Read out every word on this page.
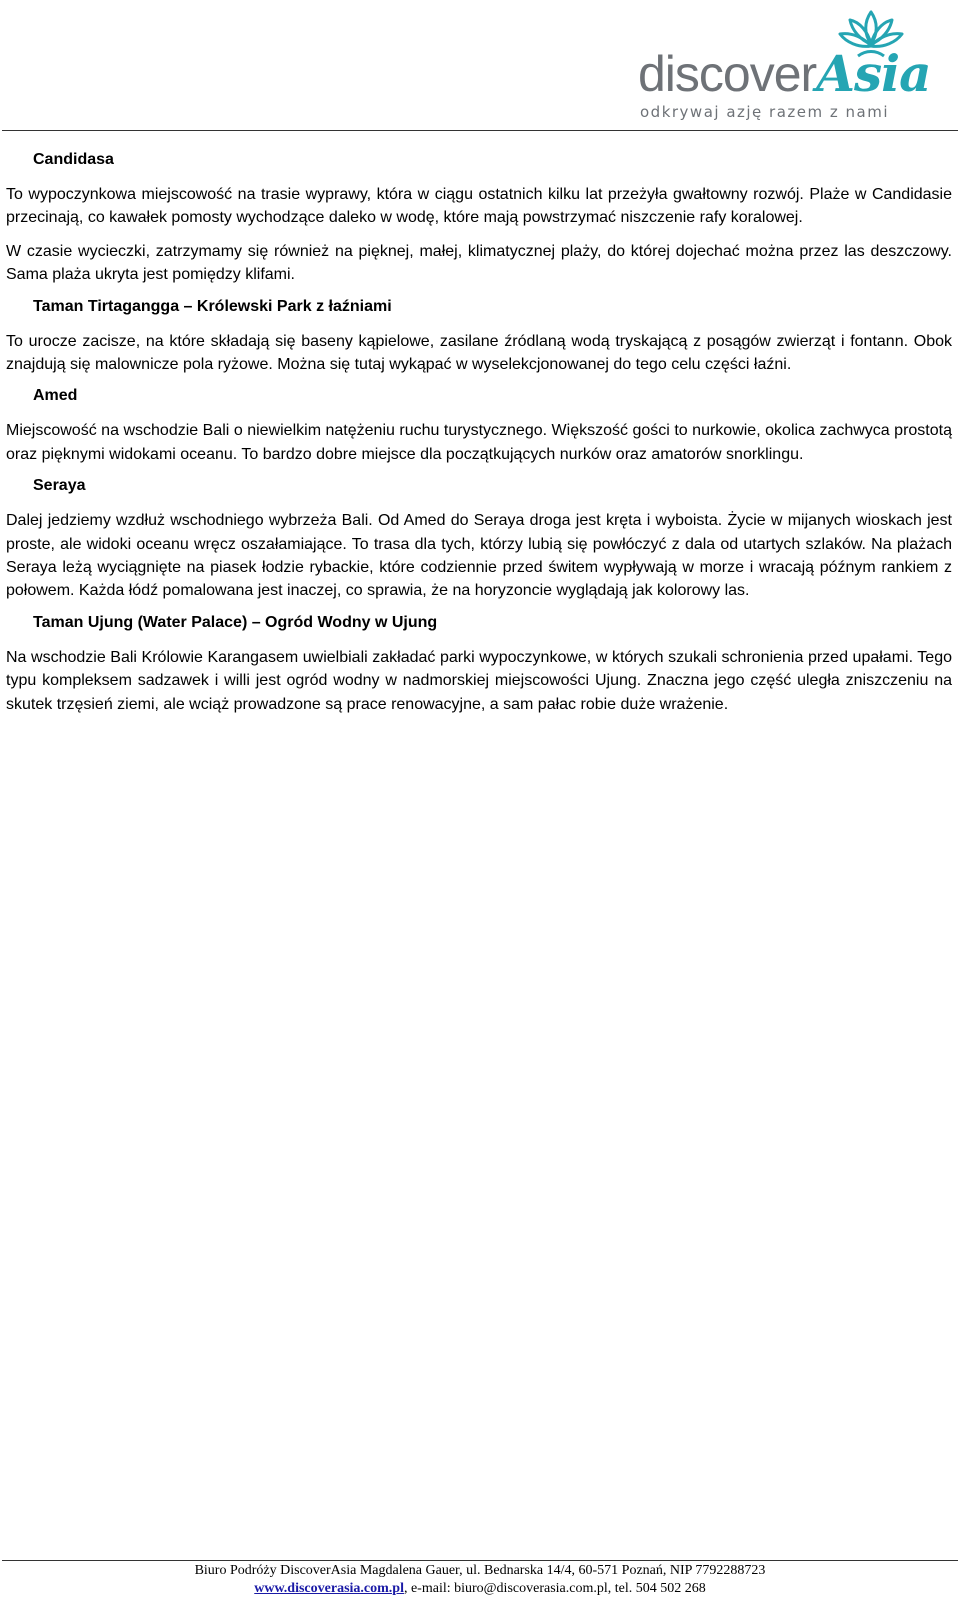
discoverAsia
odkrywaj azję razem z nami
Candidasa

To wypoczynkowa miejscowość na trasie wyprawy, która w ciągu ostatnich kilku lat przeżyła gwałtowny rozwój. Plaże w Candidasie przecinają, co kawałek pomosty wychodzące daleko w wodę, które mają powstrzymać niszczenie rafy koralowej.

W czasie wycieczki, zatrzymamy się również na pięknej, małej, klimatycznej plaży, do której dojechać można przez las deszczowy. Sama plaża ukryta jest pomiędzy klifami.

Taman Tirtagangga – Królewski Park z łaźniami

To urocze zacisze, na które składają się baseny kąpielowe, zasilane źródlaną wodą tryskającą z posągów zwierząt i fontann. Obok znajdują się malownicze pola ryżowe. Można się tutaj wykąpać w wyselekcjonowanej do tego celu części łaźni.

Amed

Miejscowość na wschodzie Bali o niewielkim natężeniu ruchu turystycznego. Większość gości to nurkowie, okolica zachwyca prostotą oraz pięknymi widokami oceanu. To bardzo dobre miejsce dla początkujących nurków oraz amatorów snorklingu.

Seraya

Dalej jedziemy wzdłuż wschodniego wybrzeża Bali. Od Amed do Seraya droga jest kręta i wyboista. Życie w mijanych wioskach jest proste, ale widoki oceanu wręcz oszałamiające. To trasa dla tych, którzy lubią się powłóczyć z dala od utartych szlaków. Na plażach Seraya leżą wyciągnięte na piasek łodzie rybackie, które codziennie przed świtem wypływają w morze i wracają późnym rankiem z połowem. Każda łódź pomalowana jest inaczej, co sprawia, że na horyzoncie wyglądają jak kolorowy las.

Taman Ujung (Water Palace) – Ogród Wodny w Ujung

Na wschodzie Bali Królowie Karangasem uwielbiali zakładać parki wypoczynkowe, w których szukali schronienia przed upałami. Tego typu kompleksem sadzawek i willi jest ogród wodny w nadmorskiej miejscowości Ujung. Znaczna jego część uległa zniszczeniu na skutek trzęsień ziemi, ale wciąż prowadzone są prace renowacyjne, a sam pałac robie duże wrażenie.

Biuro Podróży DiscoverAsia Magdalena Gauer, ul. Bednarska 14/4, 60-571 Poznań, NIP 7792288723
www.discoverasia.com.pl, e-mail: biuro@discoverasia.com.pl, tel. 504 502 268
